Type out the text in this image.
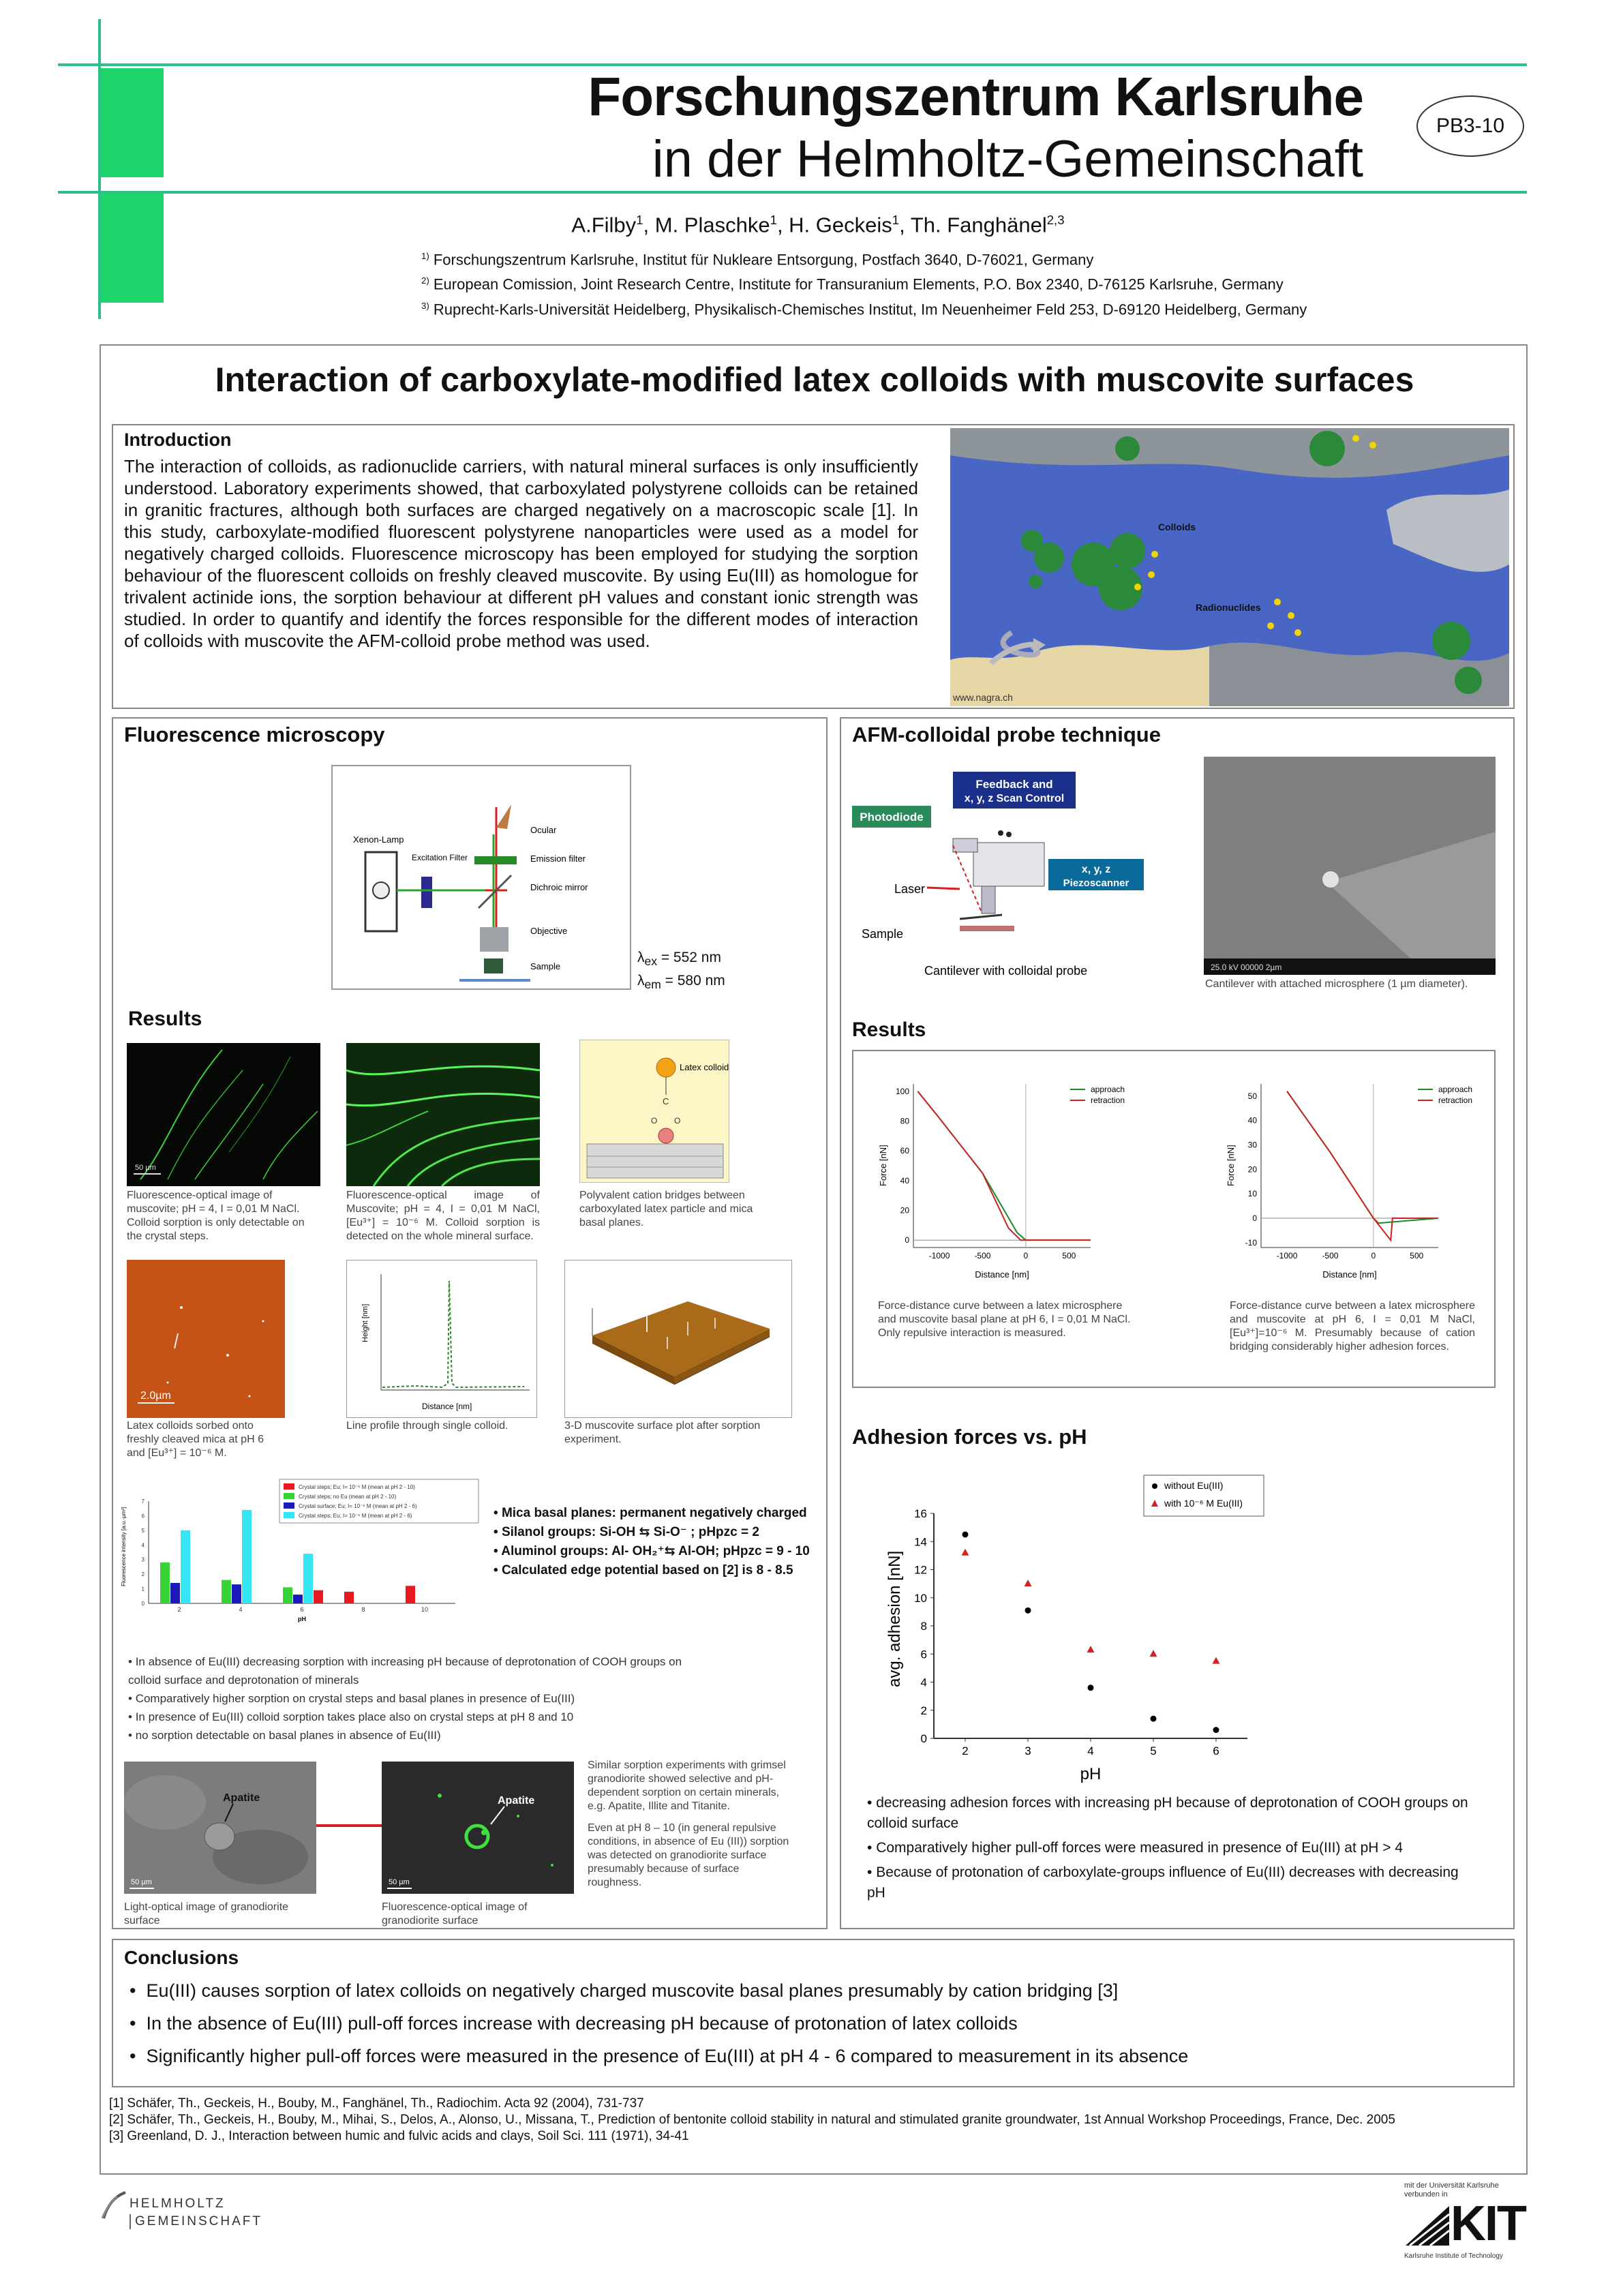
Forschungszentrum Karlsruhe
in der Helmholtz-Gemeinschaft
PB3-10
A.Filby$^1$, M. Plaschke$^1$, H. Geckeis$^1$, Th. Fanghänel$^{2,3}$
$^{1)}$ Forschungszentrum Karlsruhe, Institut für Nukleare Entsorgung, Postfach 3640, D-76021, Germany
$^{2)}$ European Comission, Joint Research Centre, Institute for Transuranium Elements, P.O. Box 2340, D-76125 Karlsruhe, Germany
$^{3)}$ Ruprecht-Karls-Universität Heidelberg, Physikalisch-Chemisches Institut, Im Neuenheimer Feld 253, D-69120 Heidelberg, Germany
Interaction of carboxylate-modified latex colloids with muscovite surfaces
Introduction
The interaction of colloids, as radionuclide carriers, with natural mineral surfaces is only insufficiently understood. Laboratory experiments showed, that carboxylated polystyrene colloids can be retained in granitic fractures, although both surfaces are charged negatively on a macroscopic scale [1]. In this study, carboxylate-modified fluorescent polystyrene nanoparticles were used as a model for negatively charged colloids. Fluorescence microscopy has been employed for studying the sorption behaviour of the fluorescent colloids on freshly cleaved muscovite. By using Eu(III) as homologue for trivalent actinide ions, the sorption behaviour at different pH values and constant ionic strength was studied. In order to quantify and identify the forces responsible for the different modes of interaction of colloids with muscovite the AFM-colloid probe method was used.
Colloids
Radionuclides
www.nagra.ch
Fluorescence microscopy
Xenon-Lamp
Excitation Filter
Ocular
Emission filter
Dichroic mirror
Objective
Sample
$\lambda_{ex} = 552$ nm
$\lambda_{em} = 580$ nm
Results
50 µm
Latex colloid
C
O O
Fluorescence-optical image of muscovite; pH = 4, I = 0,01 M NaCl. Colloid sorption is only detectable on the crystal steps.
Fluorescence-optical image of Muscovite; pH = 4, I = 0,01 M NaCl, [Eu³⁺] = 10⁻⁶ M. Colloid sorption is detected on the whole mineral surface.
Polyvalent cation bridges between carboxylated latex particle and mica basal planes.
2.0µm
Height [nm]
Distance [nm]
Latex colloids sorbed onto freshly cleaved mica at pH 6 and [Eu³⁺] = 10⁻⁶ M.
Line profile through single colloid.	3-D muscovite surface plot after sorption experiment.
0
1
2
3
4
5
6
7
2	4	6	8	10
pH
Fluorescence intensity [a.u.·µm²]
Crystal steps; Eu; I= 10⁻⁶ M (mean at pH 2 - 10)
Crystal steps; no Eu (mean at pH 2 - 10)
Crystal surface; Eu; I= 10⁻⁶ M (mean at pH 2 - 6)
Crystal steps; Eu; I= 10⁻⁶ M (mean at pH 2 - 6)	• Mica basal planes: permanent negatively charged
• Silanol groups: Si-OH ⇆ Si-O⁻ ; pHpzc = 2
• Aluminol groups: Al- OH₂⁺⇆ Al-OH; pHpzc = 9 - 10
• Calculated edge potential based on [2] is 8 - 8.5
• In absence of Eu(III) decreasing sorption with increasing pH because of deprotonation of COOH groups on colloid surface and deprotonation of minerals
• Comparatively higher sorption on crystal steps and basal planes in presence of Eu(III)
• In presence of Eu(III) colloid sorption takes place also on crystal steps at pH 8 and 10
• no sorption detectable on basal planes in absence of Eu(III)
Apatite
50 µm
Apatite
50 µm
Light-optical image of granodiorite surface
Fluorescence-optical image of granodiorite surface
Similar sorption experiments with grimsel granodiorite showed selective and pH-dependent sorption on certain minerals, e.g. Apatite, Illite and Titanite.
Even at pH 8 – 10 (in general repulsive conditions, in absence of Eu (III)) sorption was detected on granodiorite surface presumably because of surface roughness.
AFM-colloidal probe technique
Feedback and
x, y, z Scan Control
Photodiode
x, y, z
Piezoscanner
Laser
Sample
Cantilever with colloidal probe	25.0 kV 00000 2µm
Cantilever with attached microsphere (1 µm diameter).
Results
0
20
40
60
80
100
-1000	-500	0	500
Distance [nm]
Force [nN]
approach
retraction
-10
0
10
20
30
40
50
-1000	-500	0	500
Distance [nm]
Force [nN]
approach
retraction
Force-distance curve between a latex microsphere and muscovite basal plane at pH 6, I = 0,01 M NaCl. Only repulsive interaction is measured.
Force-distance curve between a latex microsphere and muscovite at pH 6, I = 0,01 M NaCl, [Eu³⁺]=10⁻⁶ M. Presumably because of cation bridging considerably higher adhesion forces.
Adhesion forces vs. pH
0
2
4
6
8
10
12
14
16
2	3	4	5	6
pH
avg. adhesion [nN]
without Eu(III)
with 10⁻⁶ M Eu(III)
• decreasing adhesion forces with increasing pH because of deprotonation of COOH groups on colloid surface
• Comparatively higher pull-off forces were measured in presence of Eu(III) at pH > 4
• Because of protonation of carboxylate-groups influence of Eu(III) decreases with decreasing pH
Conclusions
•  Eu(III) causes sorption of latex colloids on negatively charged muscovite basal planes presumably by cation bridging [3]
•  In the absence of Eu(III) pull-off forces increase with decreasing pH because of protonation of latex colloids
•  Significantly higher pull-off forces were measured in the presence of Eu(III) at pH 4 - 6 compared to measurement in its absence
[1] Schäfer, Th., Geckeis, H., Bouby, M., Fanghänel, Th., Radiochim. Acta 92 (2004), 731-737
[2] Schäfer, Th., Geckeis, H., Bouby, M., Mihai, S., Delos, A., Alonso, U., Missana, T., Prediction of bentonite colloid stability in natural and stimulated granite groundwater, 1st Annual Workshop Proceedings, France, Dec. 2005
[3] Greenland, D. J., Interaction between humic and fulvic acids and clays, Soil Sci. 111 (1971), 34-41
HELMHOLTZ
GEMEINSCHAFT
mit der Universität Karlsruhe verbunden in
KIT
Karlsruhe Institute of Technology
